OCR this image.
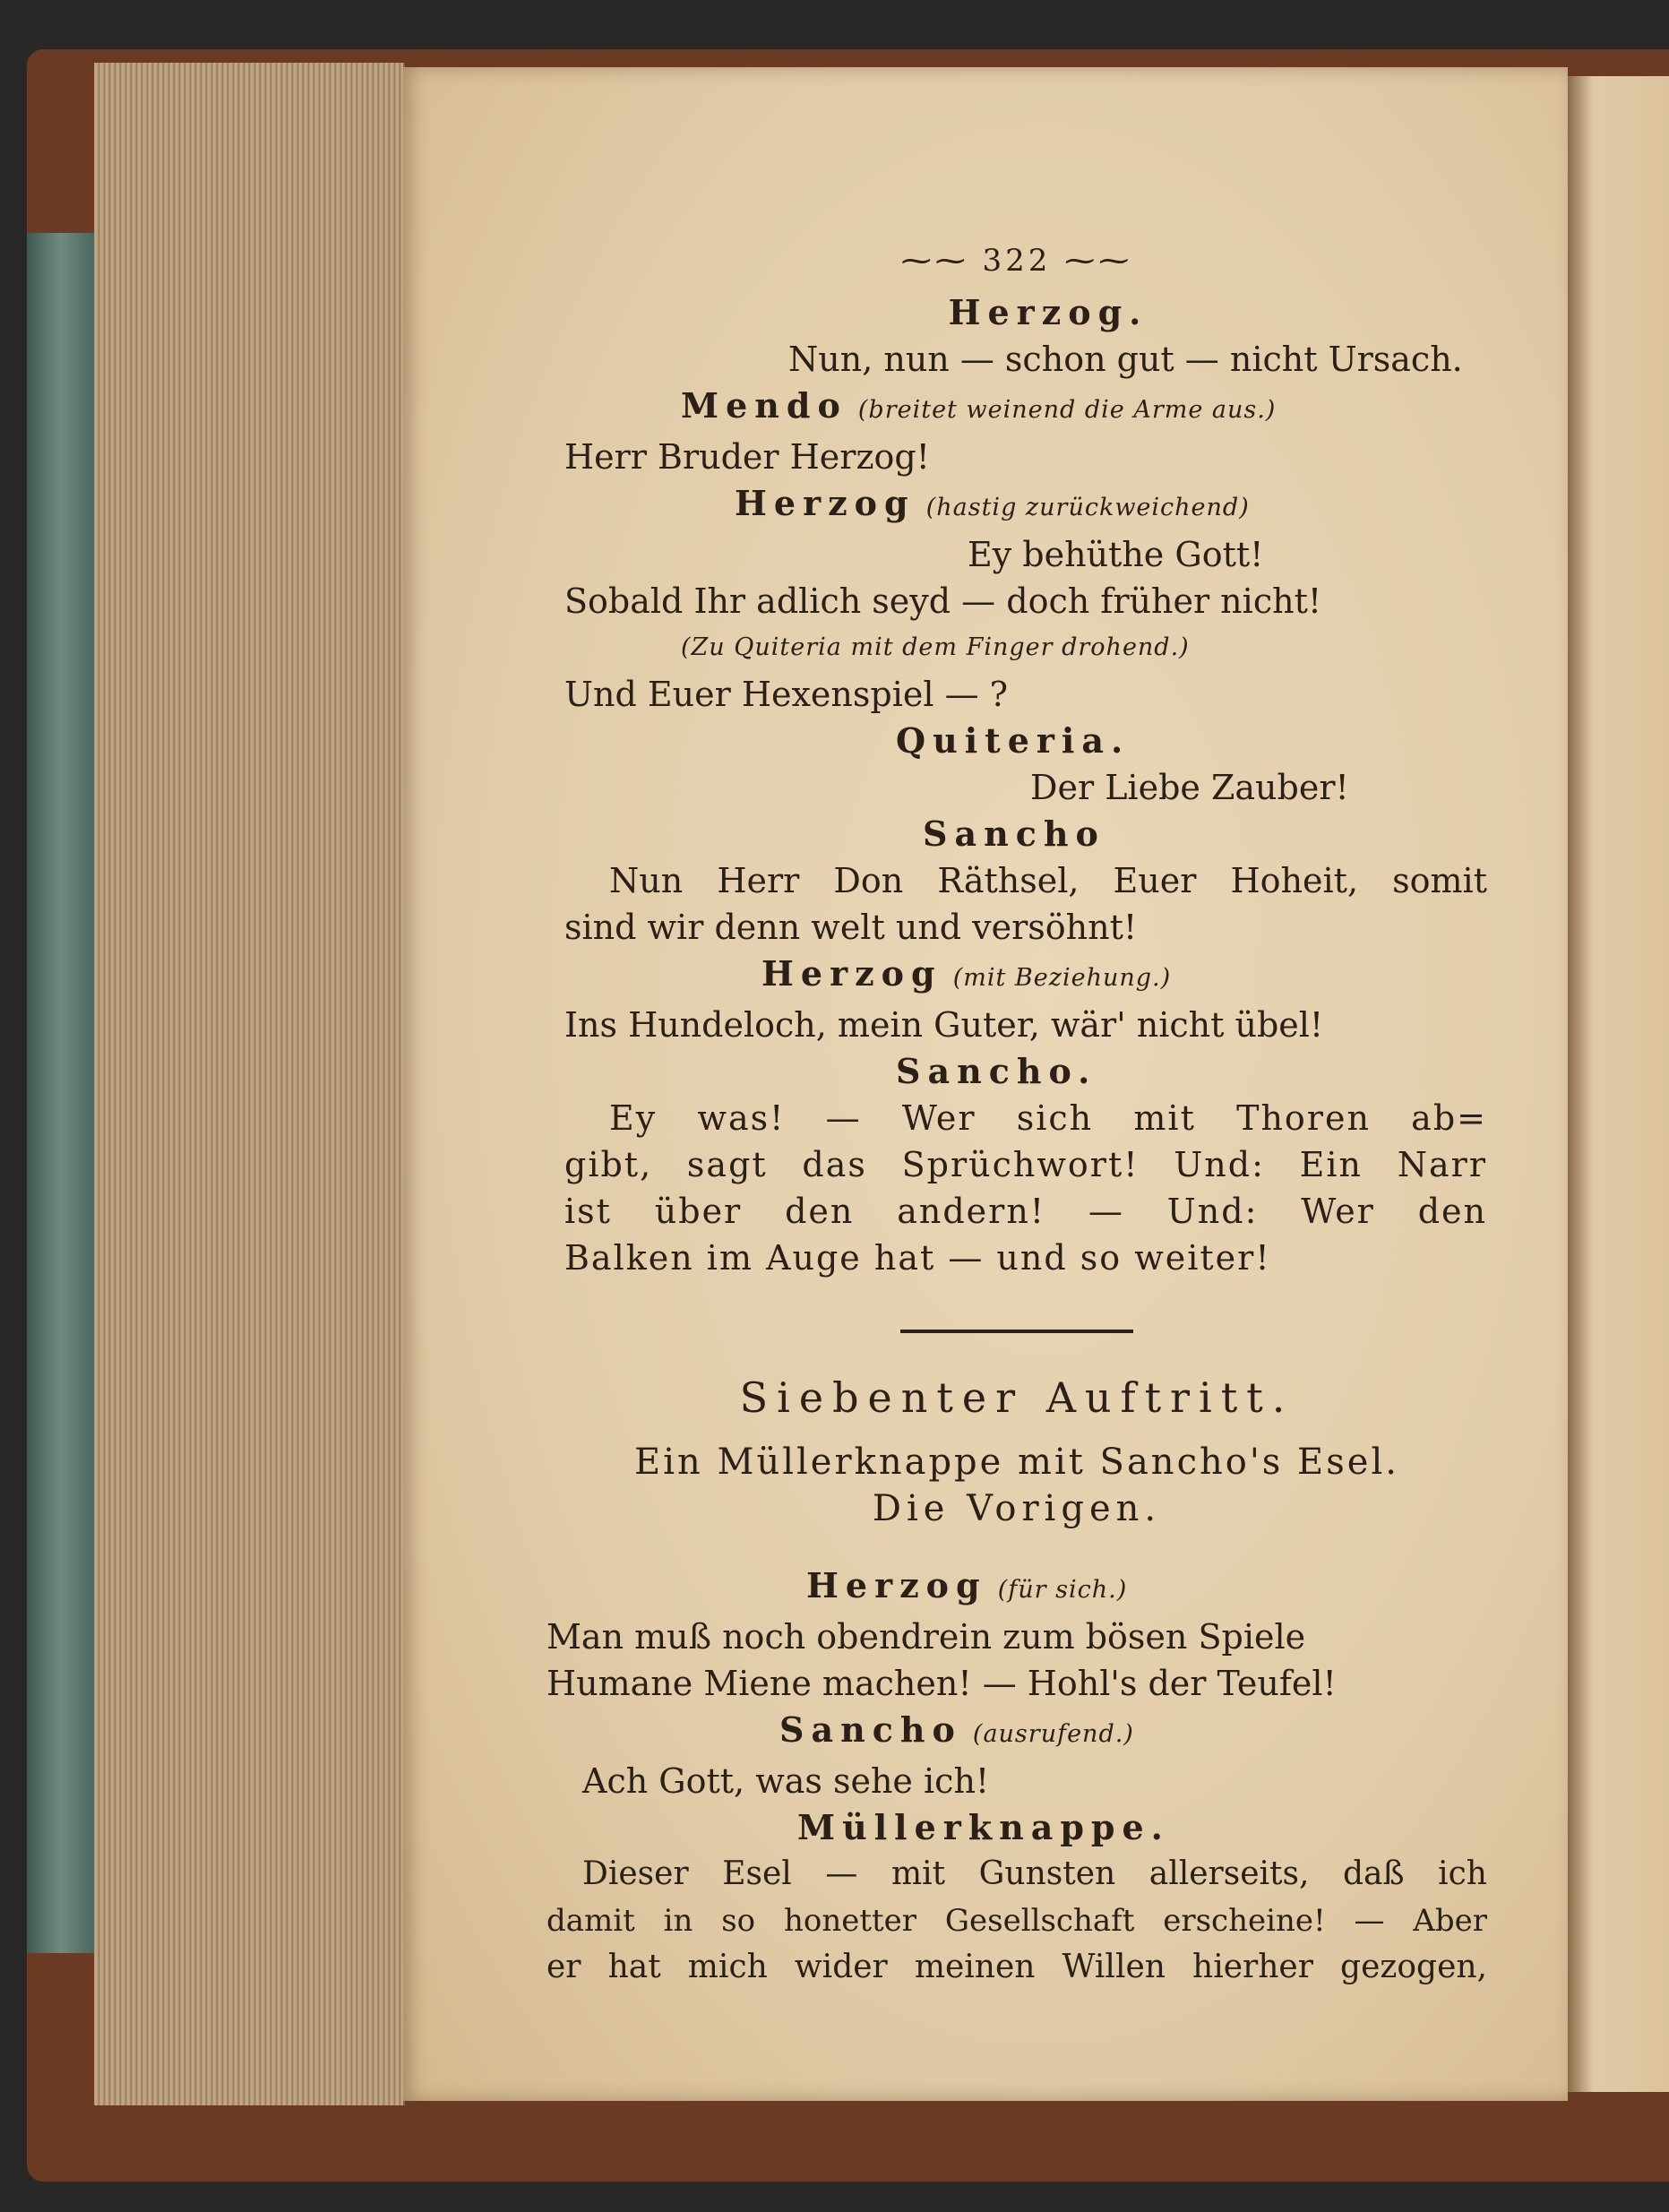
⁓⁓ 322 ⁓⁓

Herzog.

Nun, nun — schon gut — nicht Ursach.

Mendo (breitet weinend die Arme aus.)

Herr Bruder Herzog!

Herzog (hastig zurückweichend)

Ey behüthe Gott!

Sobald Ihr adlich seyd — doch früher nicht!

(Zu Quiteria mit dem Finger drohend.)

Und Euer Hexenspiel — ?

Quiteria.

Der Liebe Zauber!

Sancho

Nun Herr Don Räthsel, Euer Hoheit, somit

sind wir denn welt und versöhnt!

Herzog (mit Beziehung.)

Ins Hundeloch, mein Guter, wär' nicht übel!

Sancho.

Ey was! — Wer sich mit Thoren ab=

gibt, sagt das Sprüchwort! Und: Ein Narr

ist über den andern! — Und: Wer den

Balken im Auge hat — und so weiter!

Siebenter Auftritt.
Ein Müllerknappe mit Sancho's Esel.
Die Vorigen.

Herzog (für sich.)

Man muß noch obendrein zum bösen Spiele

Humane Miene machen! — Hohl's der Teufel!

Sancho (ausrufend.)

Ach Gott, was sehe ich!

Müllerknappe.

Dieser Esel — mit Gunsten allerseits, daß ich

damit in so honetter Gesellschaft erscheine! — Aber

er hat mich wider meinen Willen hierher gezogen,
